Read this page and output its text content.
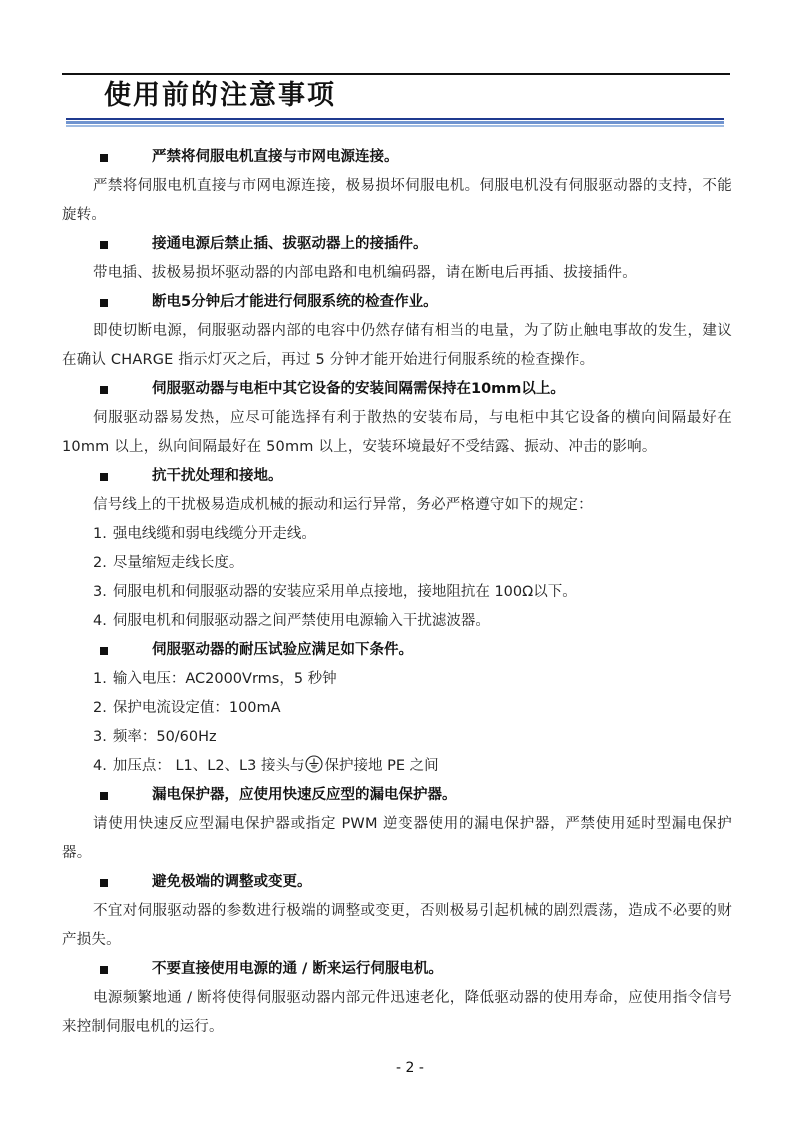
使用前的注意事项
严禁将伺服电机直接与市网电源连接。

严禁将伺服电机直接与市网电源连接，极易损坏伺服电机。伺服电机没有伺服驱动器的支持，不能旋转。

接通电源后禁止插、拔驱动器上的接插件。

带电插、拔极易损坏驱动器的内部电路和电机编码器，请在断电后再插、拔接插件。

断电5分钟后才能进行伺服系统的检查作业。

即使切断电源，伺服驱动器内部的电容中仍然存储有相当的电量，为了防止触电事故的发生，建议在确认 CHARGE 指示灯灭之后，再过 5 分钟才能开始进行伺服系统的检查操作。

伺服驱动器与电柜中其它设备的安装间隔需保持在10mm以上。

伺服驱动器易发热，应尽可能选择有利于散热的安装布局，与电柜中其它设备的横向间隔最好在 10mm 以上，纵向间隔最好在 50mm 以上，安装环境最好不受结露、振动、冲击的影响。

抗干扰处理和接地。

信号线上的干扰极易造成机械的振动和运行异常，务必严格遵守如下的规定：

1. 强电线缆和弱电线缆分开走线。
2. 尽量缩短走线长度。
3. 伺服电机和伺服驱动器的安装应采用单点接地，接地阻抗在 100Ω以下。
4. 伺服电机和伺服驱动器之间严禁使用电源输入干扰滤波器。
伺服驱动器的耐压试验应满足如下条件。
1. 输入电压：AC2000Vrms，5 秒钟
2. 保护电流设定值：100mA
3. 频率：50/60Hz
4. 加压点： L1、L2、L3 接头与 保护接地 PE 之间
漏电保护器，应使用快速反应型的漏电保护器。

请使用快速反应型漏电保护器或指定 PWM 逆变器使用的漏电保护器，严禁使用延时型漏电保护器。

避免极端的调整或变更。

不宜对伺服驱动器的参数进行极端的调整或变更，否则极易引起机械的剧烈震荡，造成不必要的财产损失。

不要直接使用电源的通 / 断来运行伺服电机。

电源频繁地通 / 断将使得伺服驱动器内部元件迅速老化，降低驱动器的使用寿命，应使用指令信号来控制伺服电机的运行。

- 2 -
